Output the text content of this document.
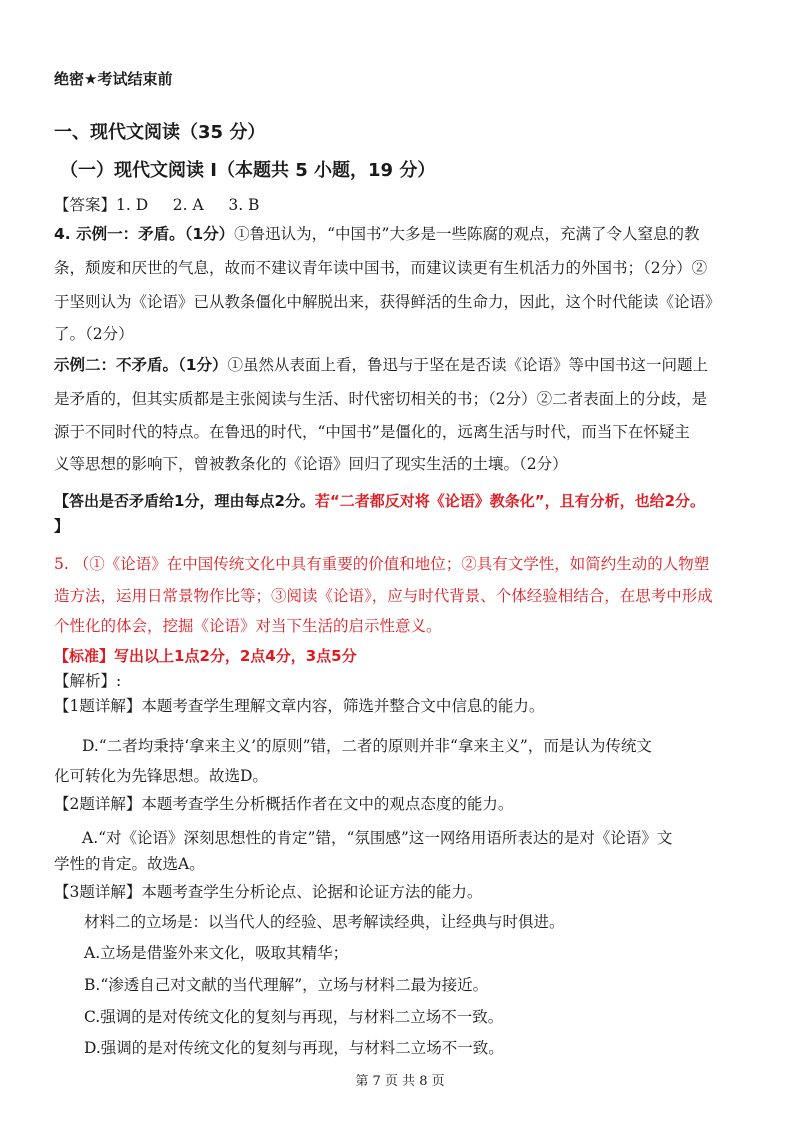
绝密★考试结束前
一、现代文阅读（35 分）
（一）现代文阅读 I（本题共 5 小题，19 分）
【答案】1. D     2. A     3. B
4. 示例一：矛盾。（1分）①鲁迅认为，“中国书”大多是一些陈腐的观点，充满了令人窒息的教
条，颓废和厌世的气息，故而不建议青年读中国书，而建议读更有生机活力的外国书；（2分）②
于坚则认为《论语》已从教条僵化中解脱出来，获得鲜活的生命力，因此，这个时代能读《论语》
了。（2分）
示例二：不矛盾。（1分）①虽然从表面上看，鲁迅与于坚在是否读《论语》等中国书这一问题上
是矛盾的，但其实质都是主张阅读与生活、时代密切相关的书；（2分）②二者表面上的分歧，是
源于不同时代的特点。在鲁迅的时代，“中国书”是僵化的，远离生活与时代，而当下在怀疑主
义等思想的影响下，曾被教条化的《论语》回归了现实生活的土壤。（2分）
【答出是否矛盾给1分，理由每点2分。若“二者都反对将《论语》教条化”，且有分析，也给2分。
】
5. （①《论语》在中国传统文化中具有重要的价值和地位；②具有文学性，如简约生动的人物塑
造方法，运用日常景物作比等；③阅读《论语》，应与时代背景、个体经验相结合，在思考中形成
个性化的体会，挖掘《论语》对当下生活的启示性意义。
【标准】写出以上1点2分，2点4分，3点5分
【解析】:
【1题详解】本题考查学生理解文章内容，筛选并整合文中信息的能力。
D.“二者均秉持‘拿来主义’的原则”错，二者的原则并非“拿来主义”，而是认为传统文
化可转化为先锋思想。故选D。
【2题详解】本题考查学生分析概括作者在文中的观点态度的能力。
A.“对《论语》深刻思想性的肯定”错，“氛围感”这一网络用语所表达的是对《论语》文
学性的肯定。故选A。
【3题详解】本题考查学生分析论点、论据和论证方法的能力。
材料二的立场是：以当代人的经验、思考解读经典，让经典与时俱进。
A.立场是借鉴外来文化，吸取其精华；
B.“渗透自己对文献的当代理解”，立场与材料二最为接近。
C.强调的是对传统文化的复刻与再现，与材料二立场不一致。
D.强调的是对传统文化的复刻与再现，与材料二立场不一致。
第 7 页 共 8 页
